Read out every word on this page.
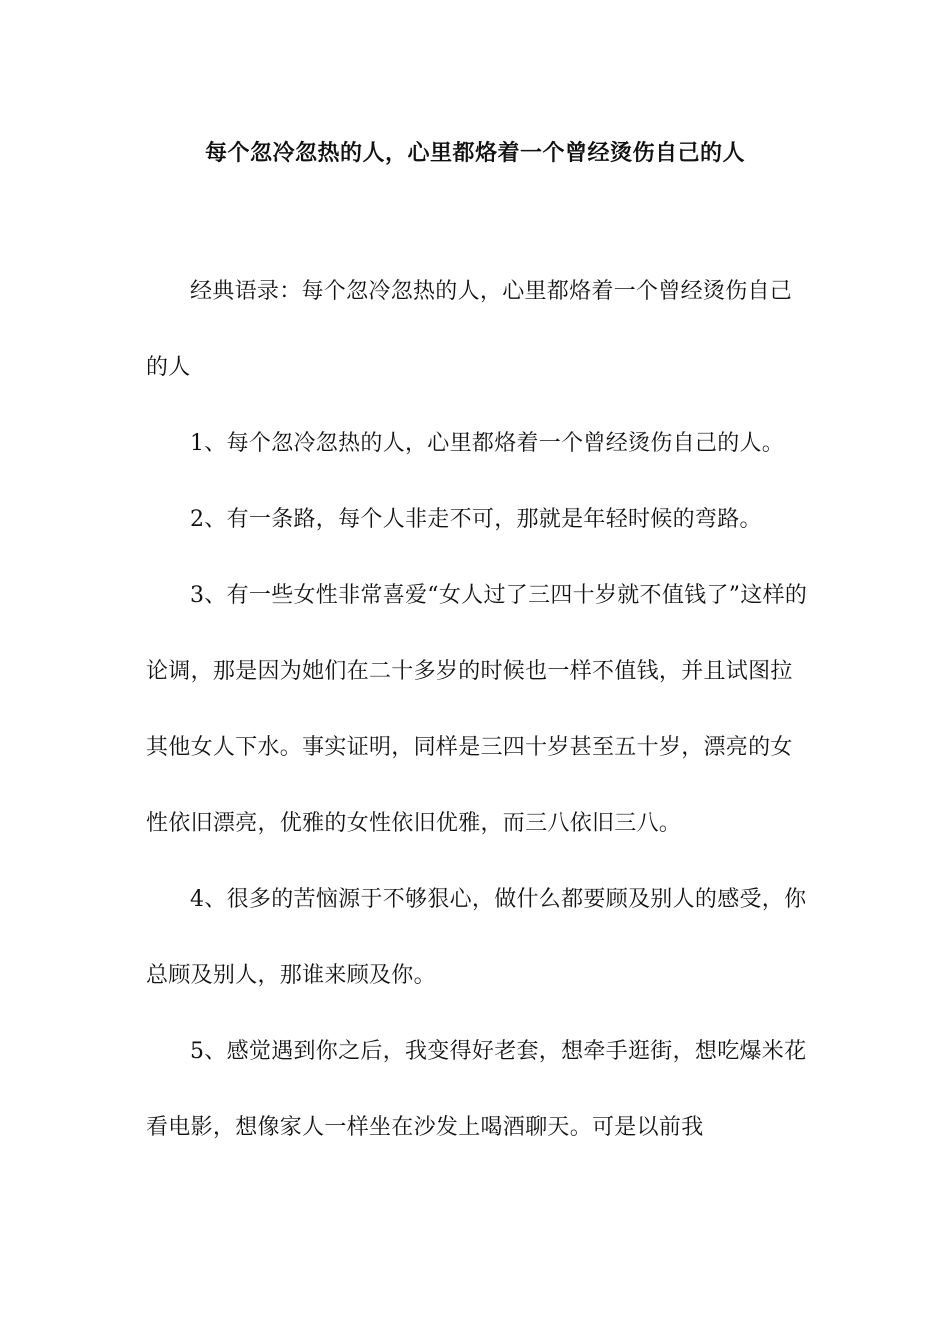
每个忽冷忽热的人，心里都烙着一个曾经烫伤自己的人

经典语录：每个忽冷忽热的人，心里都烙着一个曾经烫伤自己的人

1、每个忽冷忽热的人，心里都烙着一个曾经烫伤自己的人。

2、有一条路，每个人非走不可，那就是年轻时候的弯路。

3、有一些女性非常喜爱“女人过了三四十岁就不值钱了”这样的论调，那是因为她们在二十多岁的时候也一样不值钱，并且试图拉其他女人下水。事实证明，同样是三四十岁甚至五十岁，漂亮的女性依旧漂亮，优雅的女性依旧优雅，而三八依旧三八。

4、很多的苦恼源于不够狠心，做什么都要顾及别人的感受，你总顾及别人，那谁来顾及你。

5、感觉遇到你之后，我变得好老套，想牵手逛街，想吃爆米花看电影，想像家人一样坐在沙发上喝酒聊天。可是以前我
